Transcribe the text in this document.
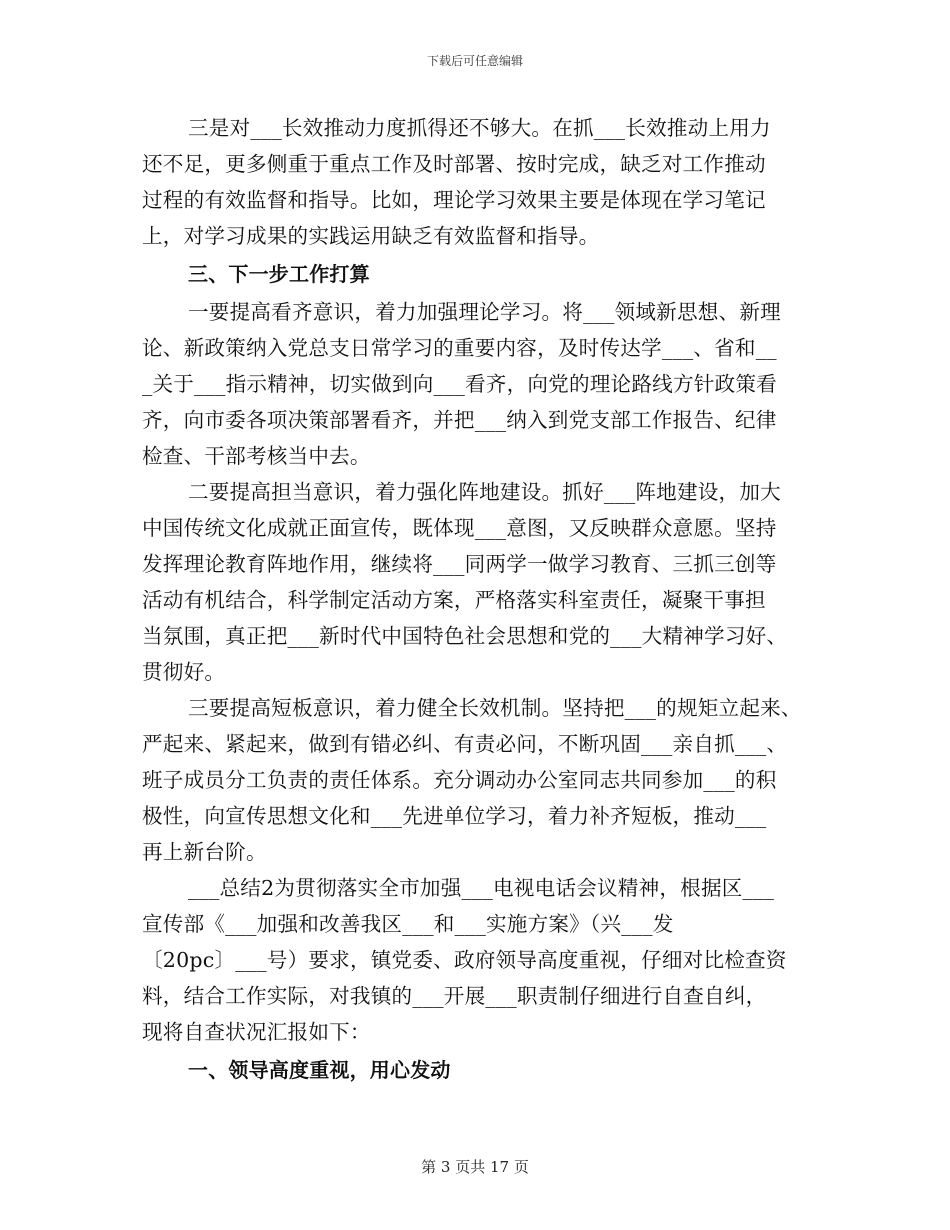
下载后可任意编辑
三是对___长效推动力度抓得还不够大。在抓___长效推动上用力
还不足，更多侧重于重点工作及时部署、按时完成，缺乏对工作推动
过程的有效监督和指导。比如，理论学习效果主要是体现在学习笔记
上，对学习成果的实践运用缺乏有效监督和指导。
三、下一步工作打算
一要提高看齐意识，着力加强理论学习。将___领域新思想、新理
论、新政策纳入党总支日常学习的重要内容，及时传达学___、省和__
_关于___指示精神，切实做到向___看齐，向党的理论路线方针政策看
齐，向市委各项决策部署看齐，并把___纳入到党支部工作报告、纪律
检查、干部考核当中去。
二要提高担当意识，着力强化阵地建设。抓好___阵地建设，加大
中国传统文化成就正面宣传，既体现___意图，又反映群众意愿。坚持
发挥理论教育阵地作用，继续将___同两学一做学习教育、三抓三创等
活动有机结合，科学制定活动方案，严格落实科室责任，凝聚干事担
当氛围，真正把___新时代中国特色社会思想和党的___大精神学习好、
贯彻好。
三要提高短板意识，着力健全长效机制。坚持把___的规矩立起来、
严起来、紧起来，做到有错必纠、有责必问，不断巩固___亲自抓___、
班子成员分工负责的责任体系。充分调动办公室同志共同参加___的积
极性，向宣传思想文化和___先进单位学习，着力补齐短板，推动___
再上新台阶。
___总结2为贯彻落实全市加强___电视电话会议精神，根据区___
宣传部《___加强和改善我区___和___实施方案》（兴___发
〔20pc〕___号）要求，镇党委、政府领导高度重视，仔细对比检查资
料，结合工作实际，对我镇的___开展___职责制仔细进行自查自纠，
现将自查状况汇报如下：
一、领导高度重视，用心发动
第 3 页共 17 页
